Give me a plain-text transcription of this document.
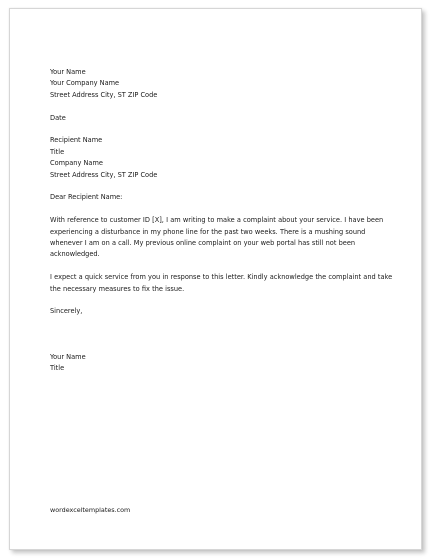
Your Name
Your Company Name
Street Address City, ST ZIP Code
Date
Recipient Name
Title
Company Name
Street Address City, ST ZIP Code
Dear Recipient Name:
With reference to customer ID [X], I am writing to make a complaint about your service. I have been experiencing a disturbance in my phone line for the past two weeks. There is a mushing sound whenever I am on a call. My previous online complaint on your web portal has still not been acknowledged.
I expect a quick service from you in response to this letter. Kindly acknowledge the complaint and take the necessary measures to fix the issue.
Sincerely,
Your Name
Title
wordexceltemplates.com
